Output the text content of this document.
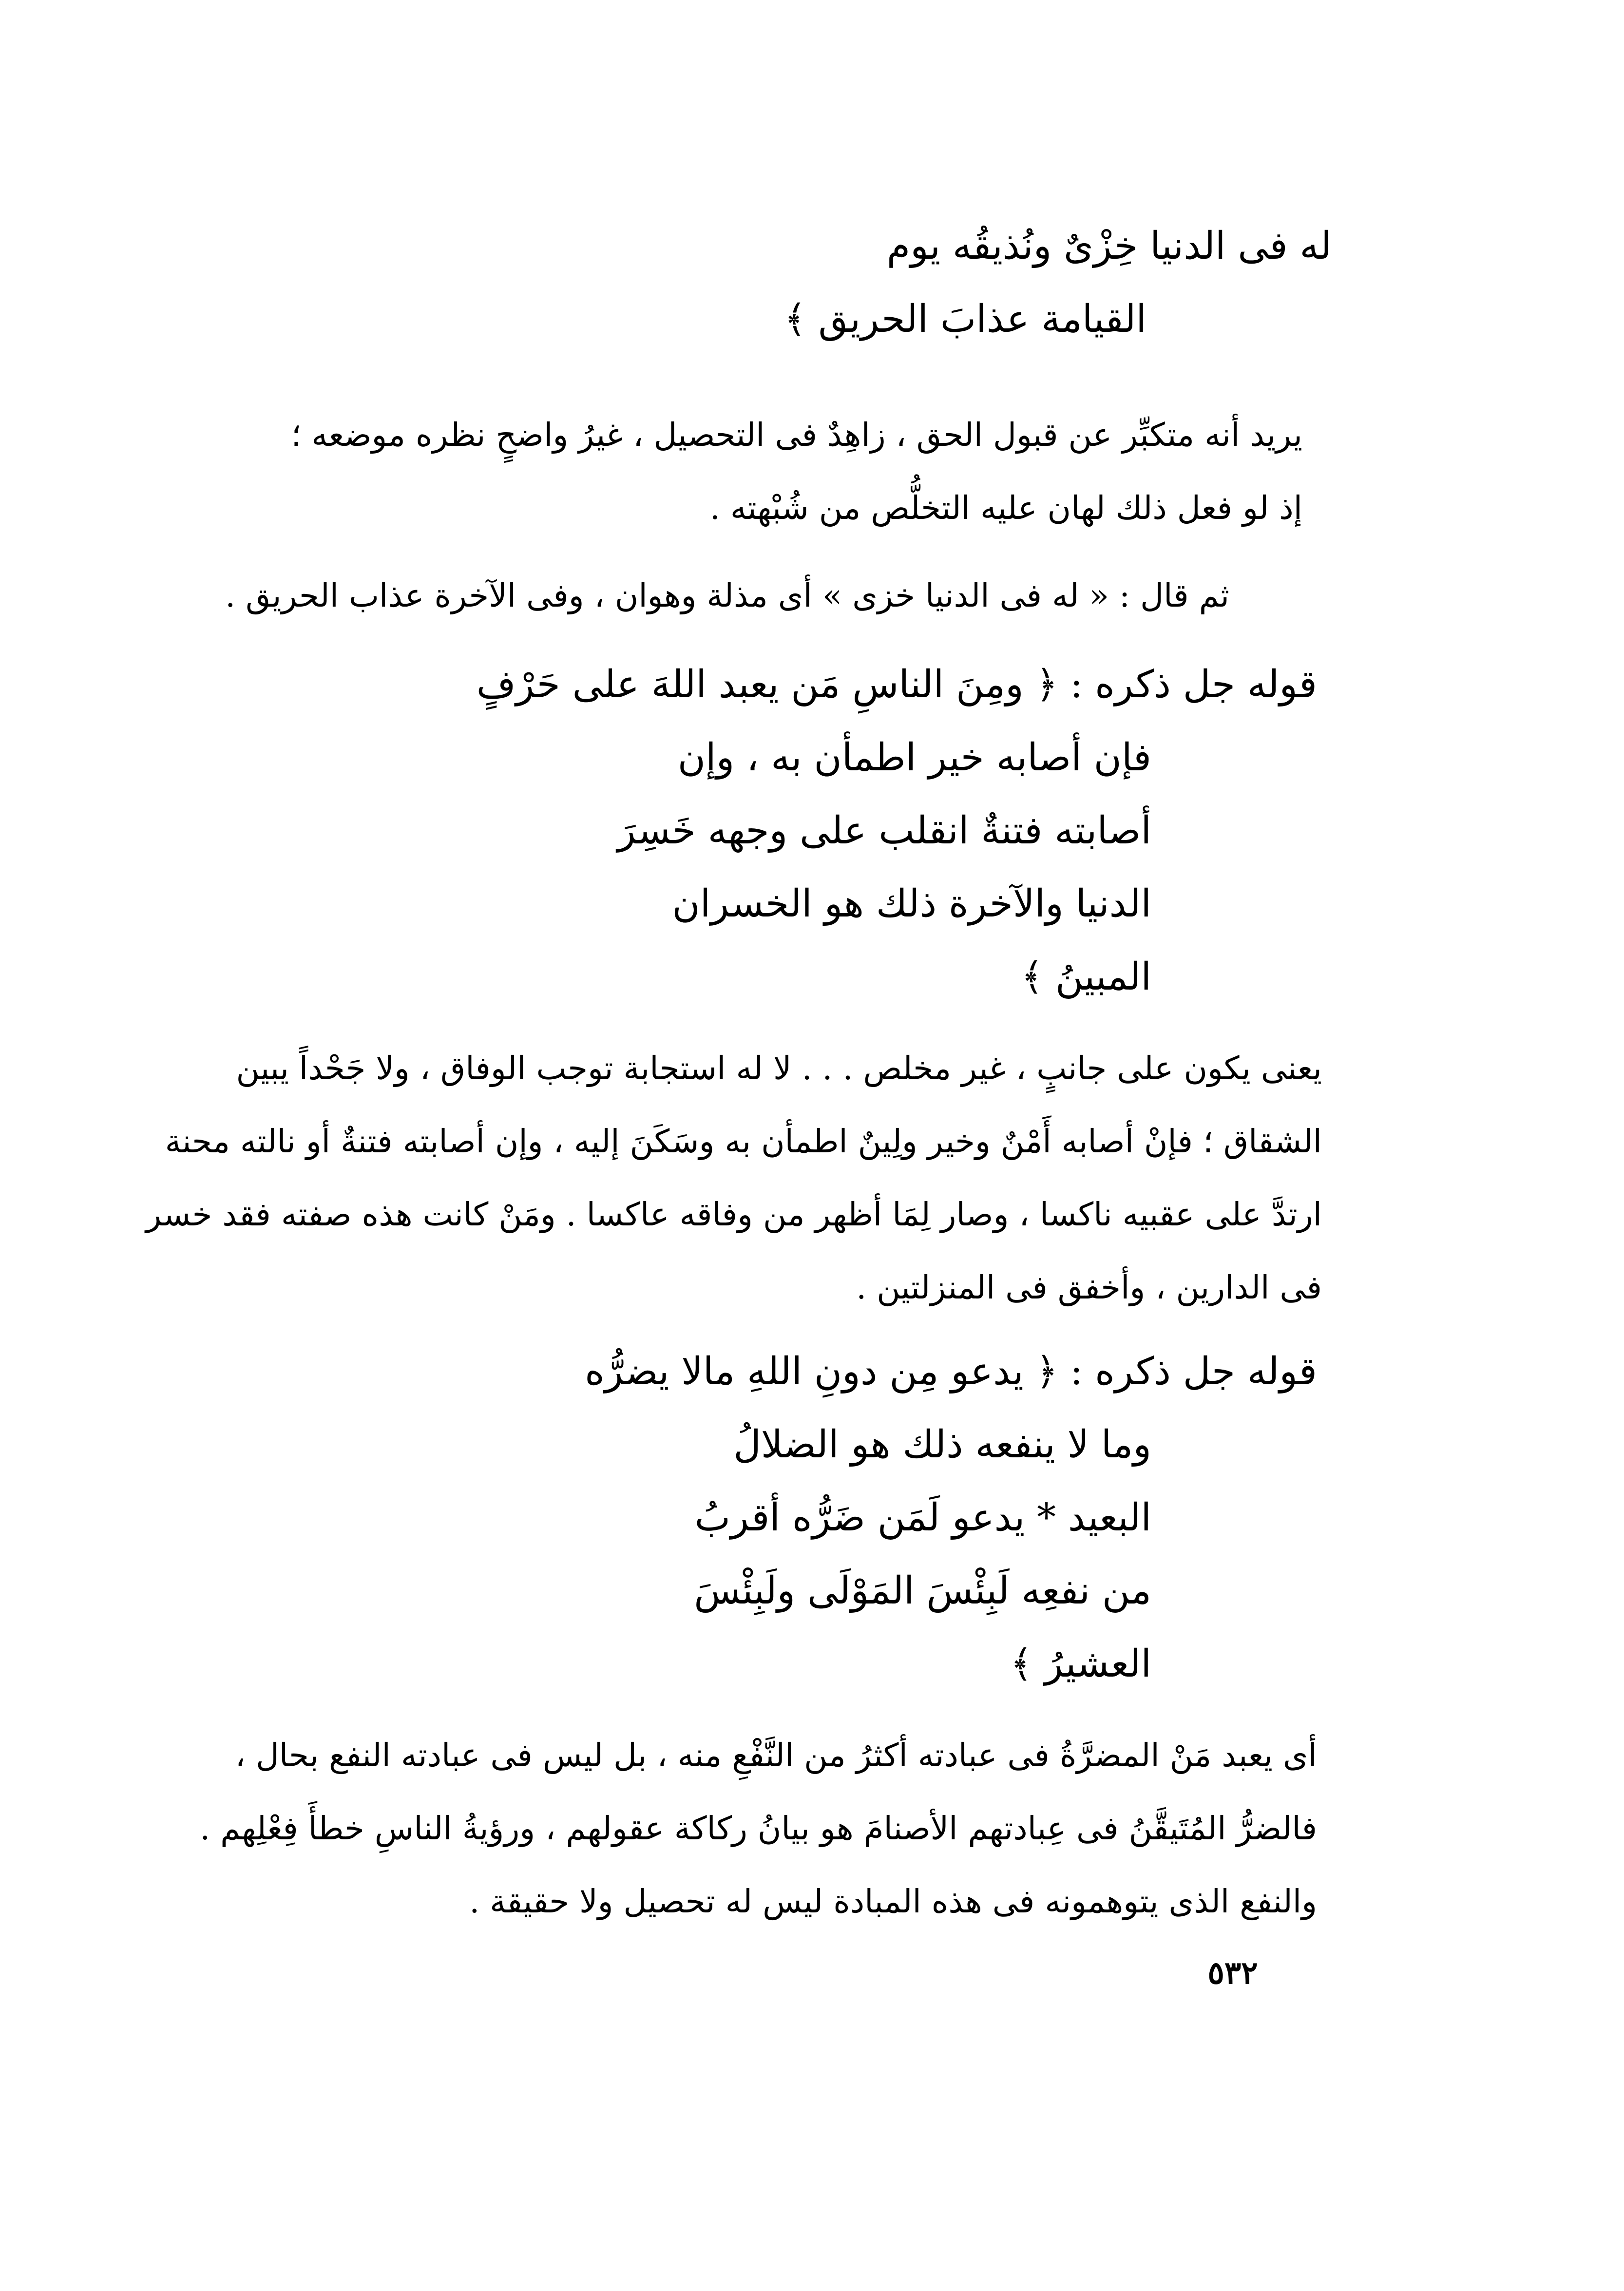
له فى الدنيا خِزْىٌ ونُذيقُه يوم
القيامة عذابَ الحريق ﴾
يريد أنه متكبِّر عن قبول الحق ، زاهِدٌ فى التحصيل ، غيرُ واضحٍ نظره موضعه ؛
إذ لو فعل ذلك لهان عليه التخلُّص من شُبْهته .
ثم قال : « له فى الدنيا خزى » أى مذلة وهوان ، وفى الآخرة عذاب الحريق .
قوله جل ذكره : ﴿ ومِنَ الناسِ مَن يعبد اللهَ على حَرْفٍ
فإن أصابه خير اطمأن به ، وإن
أصابته فتنةٌ انقلب على وجهه خَسِرَ
الدنيا والآخرة ذلك هو الخسران
المبينُ ﴾
يعنى يكون على جانبٍ ، غير مخلص . . . لا له استجابة توجب الوفاق ، ولا جَحْداً يبين
الشقاق ؛ فإنْ أصابه أَمْنٌ وخير ولِينٌ اطمأن به وسَكَنَ إليه ، وإن أصابته فتنةٌ أو نالته محنة
ارتدَّ على عقبيه ناكسا ، وصار لِمَا أظهر من وفاقه عاكسا . ومَنْ كانت هذه صفته فقد خسر
فى الدارين ، وأخفق فى المنزلتين .
قوله جل ذكره : ﴿ يدعو مِن دونِ اللهِ مالا يضرُّه
وما لا ينفعه ذلك هو الضلالُ
البعيد * يدعو لَمَن ضَرُّه أقربُ
من نفعِه لَبِئْسَ المَوْلَى ولَبِئْسَ
العشيرُ ﴾
أى يعبد مَنْ المضرَّةُ فى عبادته أكثرُ من النَّفْعِ منه ، بل ليس فى عبادته النفع بحال ،
فالضرُّ المُتَيقَّنُ فى عِبادتهم الأصنامَ هو بيانُ ركاكة عقولهم ، ورؤيةُ الناسِ خطأَ فِعْلِهم .
والنفع الذى يتوهمونه فى هذه المبادة ليس له تحصيل ولا حقيقة .
٥٣٢
